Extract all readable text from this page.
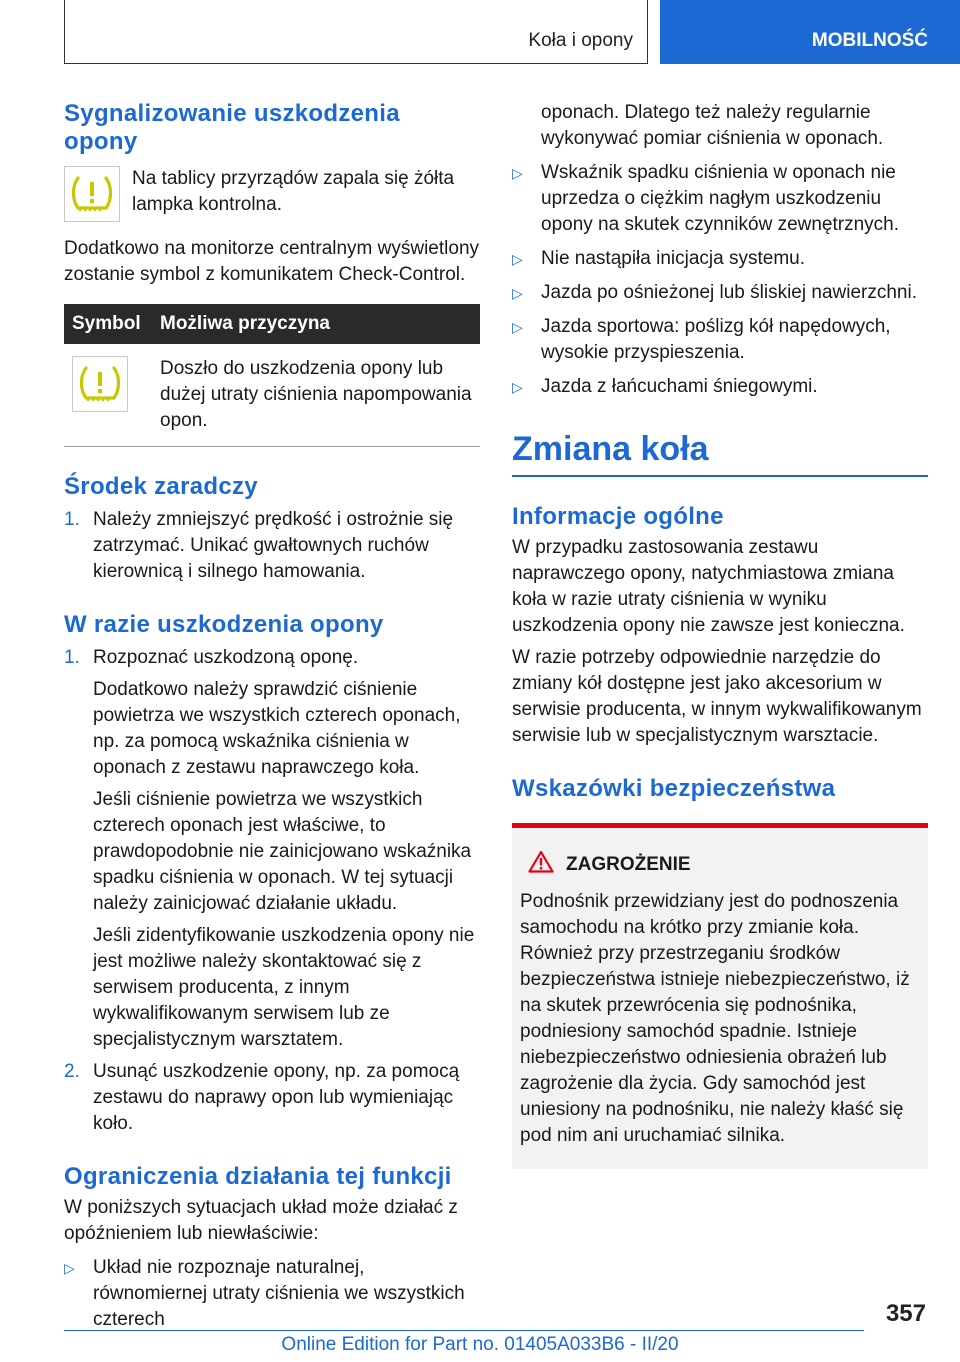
Koła i opony	MOBILNOŚĆ
Sygnalizowanie uszkodzenia opony

Na tablicy przyrządów zapala się żółta lampka kontrolna.

Dodatkowo na monitorze centralnym wyświetlony zostanie symbol z komunikatem Check-Control.

Symbol	Możliwa przyczyna

	Doszło do uszkodzenia opony lub dużej utraty ciśnienia napompowania opon.
Środek zaradczy
1. Należy zmniejszyć prędkość i ostrożnie się zatrzymać. Unikać gwałtownych ruchów kierownicą i silnego hamowania.
W razie uszkodzenia opony
1. Rozpoznać uszkodzoną oponę.
Dodatkowo należy sprawdzić ciśnienie powietrza we wszystkich czterech oponach, np. za pomocą wskaźnika ciśnienia w oponach z zestawu naprawczego koła.
Jeśli ciśnienie powietrza we wszystkich czterech oponach jest właściwe, to prawdopodobnie nie zainicjowano wskaźnika spadku ciśnienia w oponach. W tej sytuacji należy zainicjować działanie układu.
Jeśli zidentyfikowanie uszkodzenia opony nie jest możliwe należy skontaktować się z serwisem producenta, z innym wykwalifikowanym serwisem lub ze specjalistycznym warsztatem.
2. Usunąć uszkodzenie opony, np. za pomocą zestawu do naprawy opon lub wymieniając koło.
Ograniczenia działania tej funkcji

W poniższych sytuacjach układ może działać z opóźnieniem lub niewłaściwie:

▷ Układ nie rozpoznaje naturalnej, równomiernej utraty ciśnienia we wszystkich czterech

oponach. Dlatego też należy regularnie wykonywać pomiar ciśnienia w oponach.

▷ Wskaźnik spadku ciśnienia w oponach nie uprzedza o ciężkim nagłym uszkodzeniu opony na skutek czynników zewnętrznych.
▷ Nie nastąpiła inicjacja systemu.
▷ Jazda po ośnieżonej lub śliskiej nawierzchni.
▷ Jazda sportowa: poślizg kół napędowych, wysokie przyspieszenia.
▷ Jazda z łańcuchami śniegowymi.
Zmiana koła
Informacje ogólne

W przypadku zastosowania zestawu naprawczego opony, natychmiastowa zmiana koła w razie utraty ciśnienia w wyniku uszkodzenia opony nie zawsze jest konieczna.

W razie potrzeby odpowiednie narzędzie do zmiany kół dostępne jest jako akcesorium w serwisie producenta, w innym wykwalifikowanym serwisie lub w specjalistycznym warsztacie.

Wskazówki bezpieczeństwa
ZAGROŻENIE

Podnośnik przewidziany jest do podnoszenia samochodu na krótko przy zmianie koła. Również przy przestrzeganiu środków bezpieczeństwa istnieje niebezpieczeństwo, iż na skutek przewrócenia się podnośnika, podniesiony samochód spadnie. Istnieje niebezpieczeństwo odniesienia obrażeń lub zagrożenie dla życia. Gdy samochód jest uniesiony na podnośniku, nie należy kłaść się pod nim ani uruchamiać silnika.

357
Online Edition for Part no. 01405A033B6 - II/20
